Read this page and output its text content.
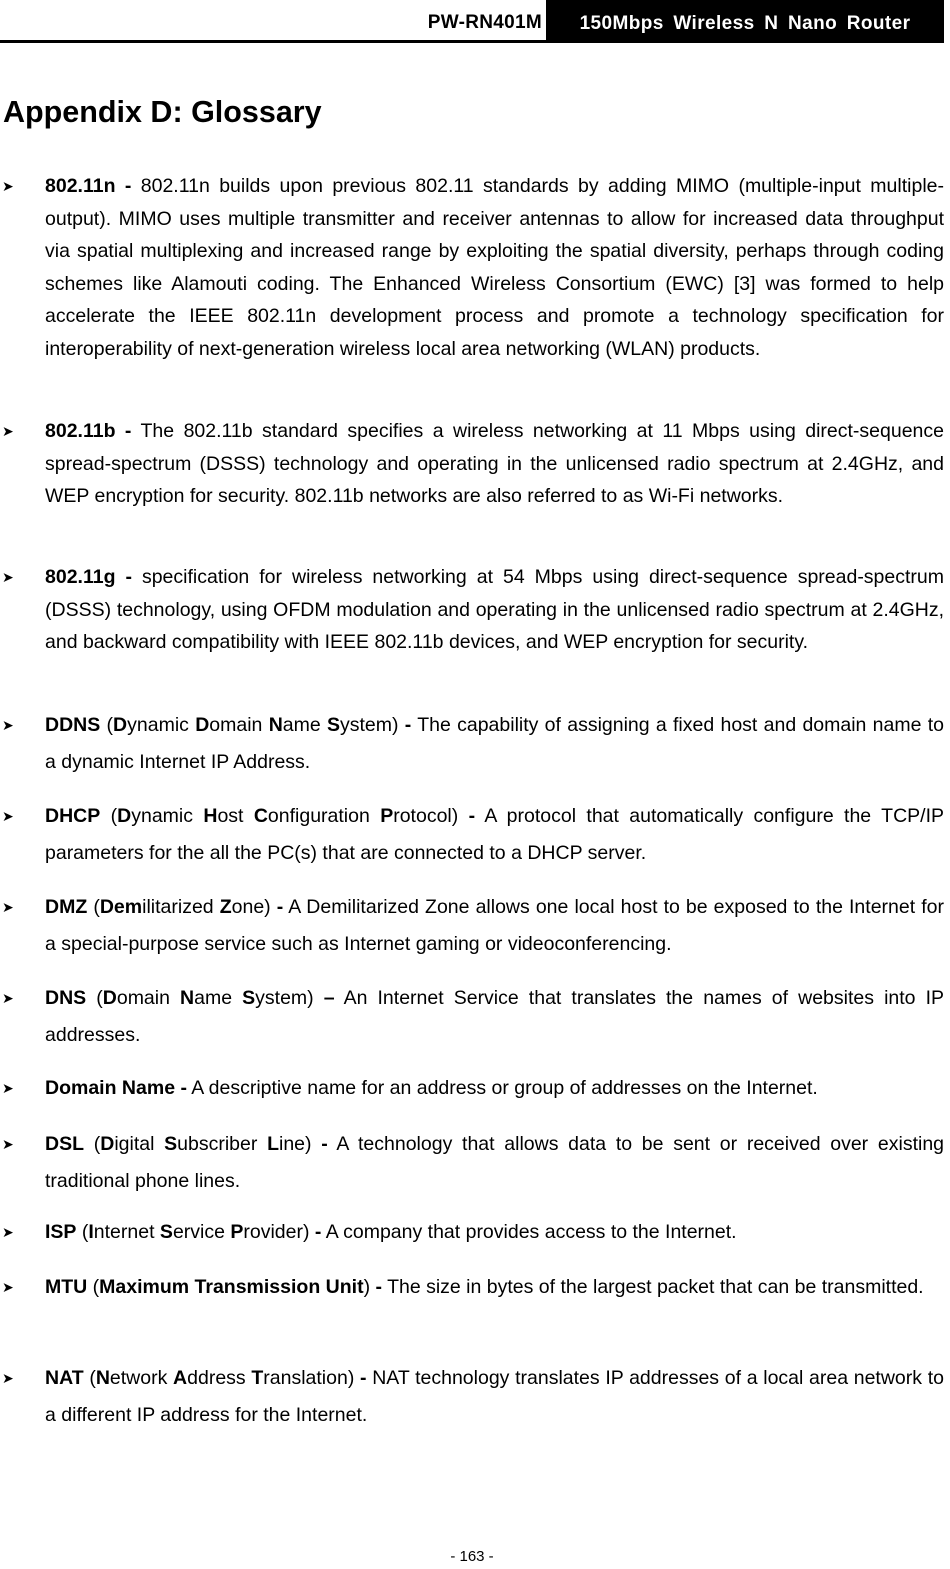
PW-RN401M	150Mbps Wireless N Nano Router
Appendix D: Glossary
➤ 802.11n - 802.11n builds upon previous 802.11 standards by adding MIMO (multiple-input multiple-output). MIMO uses multiple transmitter and receiver antennas to allow for increased data throughput via spatial multiplexing and increased range by exploiting the spatial diversity, perhaps through coding schemes like Alamouti coding. The Enhanced Wireless Consortium (EWC) [3] was formed to help accelerate the IEEE 802.11n development process and promote a technology specification for interoperability of next-generation wireless local area networking (WLAN) products.
➤ 802.11b - The 802.11b standard specifies a wireless networking at 11 Mbps using direct-sequence spread-spectrum (DSSS) technology and operating in the unlicensed radio spectrum at 2.4GHz, and WEP encryption for security. 802.11b networks are also referred to as Wi-Fi networks.
➤ 802.11g - specification for wireless networking at 54 Mbps using direct-sequence spread-spectrum (DSSS) technology, using OFDM modulation and operating in the unlicensed radio spectrum at 2.4GHz, and backward compatibility with IEEE 802.11b devices, and WEP encryption for security.
➤ DDNS (Dynamic Domain Name System) - The capability of assigning a fixed host and domain name to a dynamic Internet IP Address.
➤ DHCP (Dynamic Host Configuration Protocol) - A protocol that automatically configure the TCP/IP parameters for the all the PC(s) that are connected to a DHCP server.
➤ DMZ (Demilitarized Zone) - A Demilitarized Zone allows one local host to be exposed to the Internet for a special-purpose service such as Internet gaming or videoconferencing.
➤ DNS (Domain Name System) – An Internet Service that translates the names of websites into IP addresses.
➤ Domain Name - A descriptive name for an address or group of addresses on the Internet.
➤ DSL (Digital Subscriber Line) - A technology that allows data to be sent or received over existing traditional phone lines.
➤ ISP (Internet Service Provider) - A company that provides access to the Internet.
➤ MTU (Maximum Transmission Unit) - The size in bytes of the largest packet that can be transmitted.
➤ NAT (Network Address Translation) - NAT technology translates IP addresses of a local area network to a different IP address for the Internet.
- 163 -
